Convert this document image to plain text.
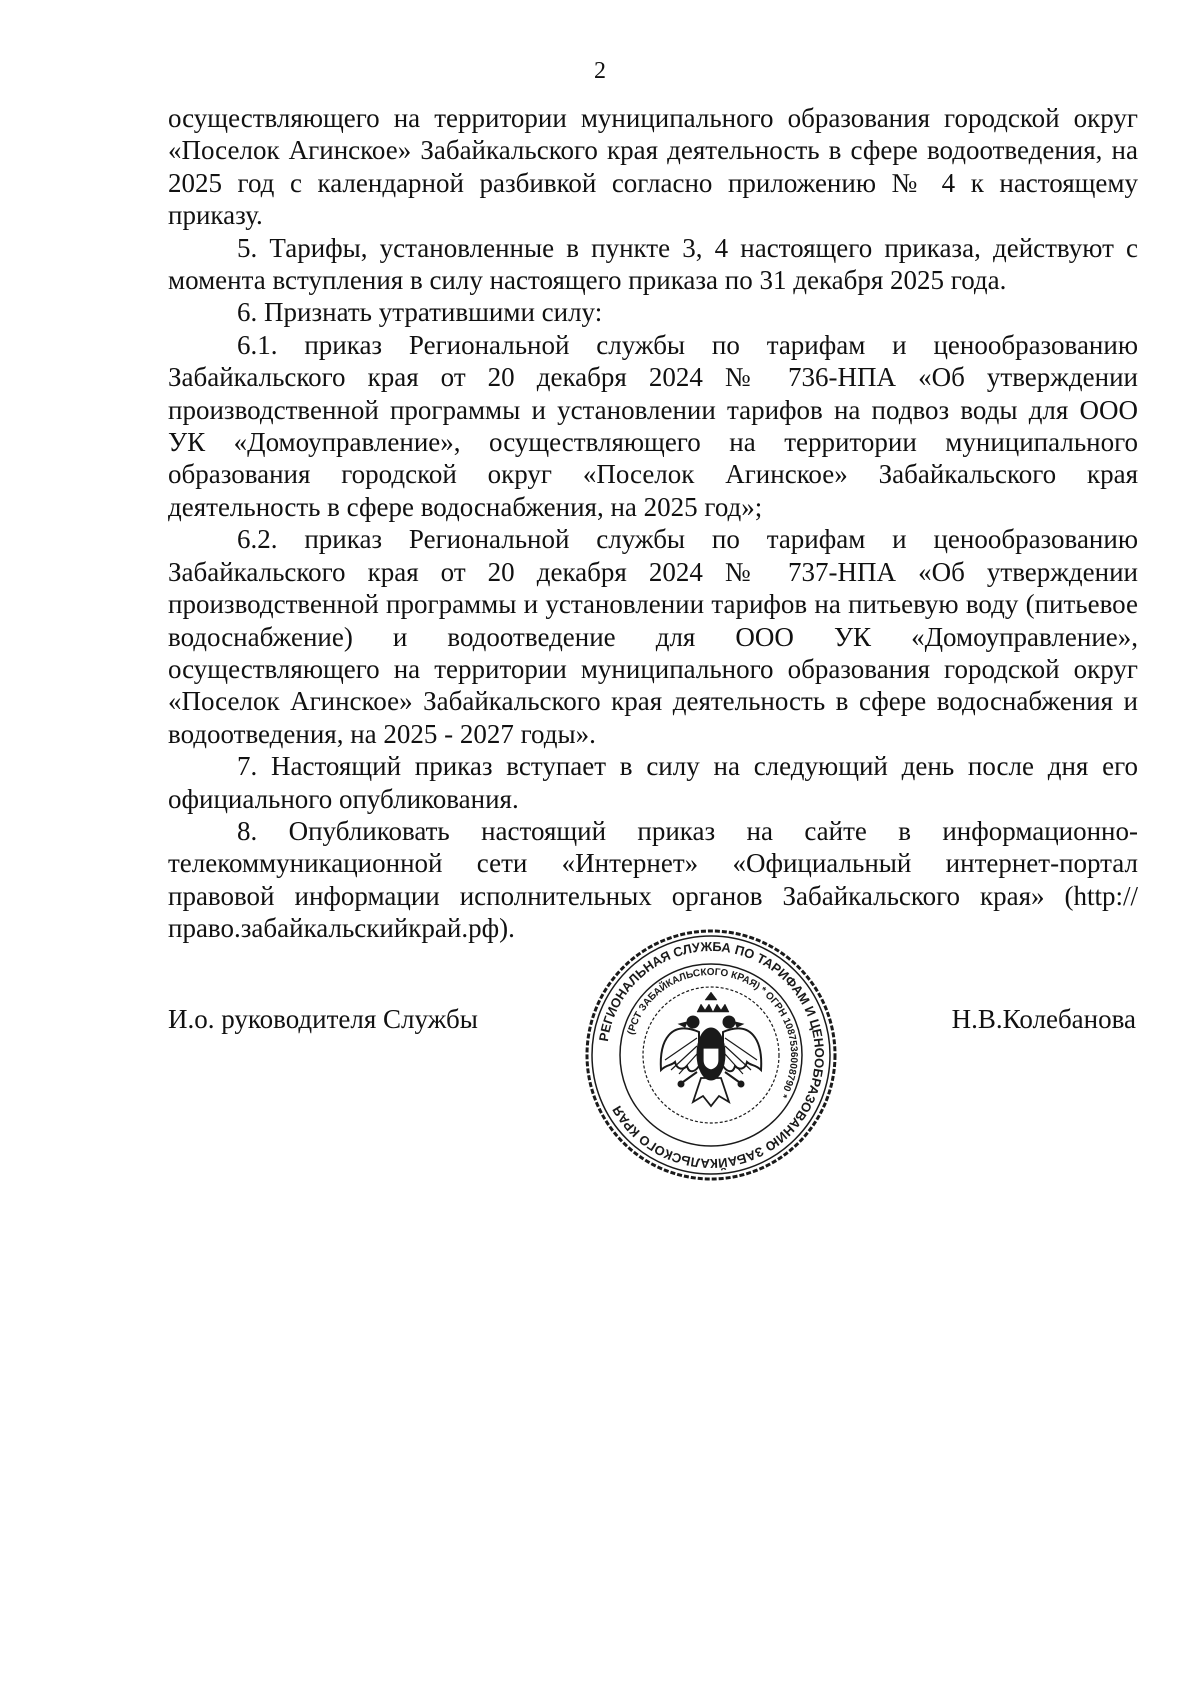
2

осуществляющего на территории муниципального образования городской округ «Поселок Агинское» Забайкальского края деятельность в сфере водоотведения, на 2025 год с календарной разбивкой согласно приложению № 4 к настоящему приказу.

5. Тарифы, установленные в пункте 3, 4 настоящего приказа, действуют с момента вступления в силу настоящего приказа по 31 декабря 2025 года.

6. Признать утратившими силу:

6.1. приказ Региональной службы по тарифам и ценообразованию Забайкальского края от 20 декабря 2024 № 736-НПА «Об утверждении производственной программы и установлении тарифов на подвоз воды для ООО УК «Домоуправление», осуществляющего на территории муниципального образования городской округ «Поселок Агинское» Забайкальского края деятельность в сфере водоснабжения, на 2025 год»;

6.2. приказ Региональной службы по тарифам и ценообразованию Забайкальского края от 20 декабря 2024 № 737-НПА «Об утверждении производственной программы и установлении тарифов на питьевую воду (питьевое водоснабжение) и водоотведение для ООО УК «Домоуправление», осуществляющего на территории муниципального образования городской округ «Поселок Агинское» Забайкальского края деятельность в сфере водоснабжения и водоотведения, на 2025 - 2027 годы».

7. Настоящий приказ вступает в силу на следующий день после дня его официального опубликования.

8. Опубликовать настоящий приказ на сайте в информационно-телекоммуникационной сети «Интернет» «Официальный интернет-портал правовой информации исполнительных органов Забайкальского края» (http://право.забайкальскийкрай.рф).

И.о. руководителя Службы	Н.В.Колебанова
РЕГИОНАЛЬНАЯ СЛУЖБА ПО ТАРИФАМ И ЦЕНООБРАЗОВАНИЮ ЗАБАЙКАЛЬСКОГО КРАЯ
(РСТ ЗАБАЙКАЛЬСКОГО КРАЯ) * ОГРН 1087536008790 *
